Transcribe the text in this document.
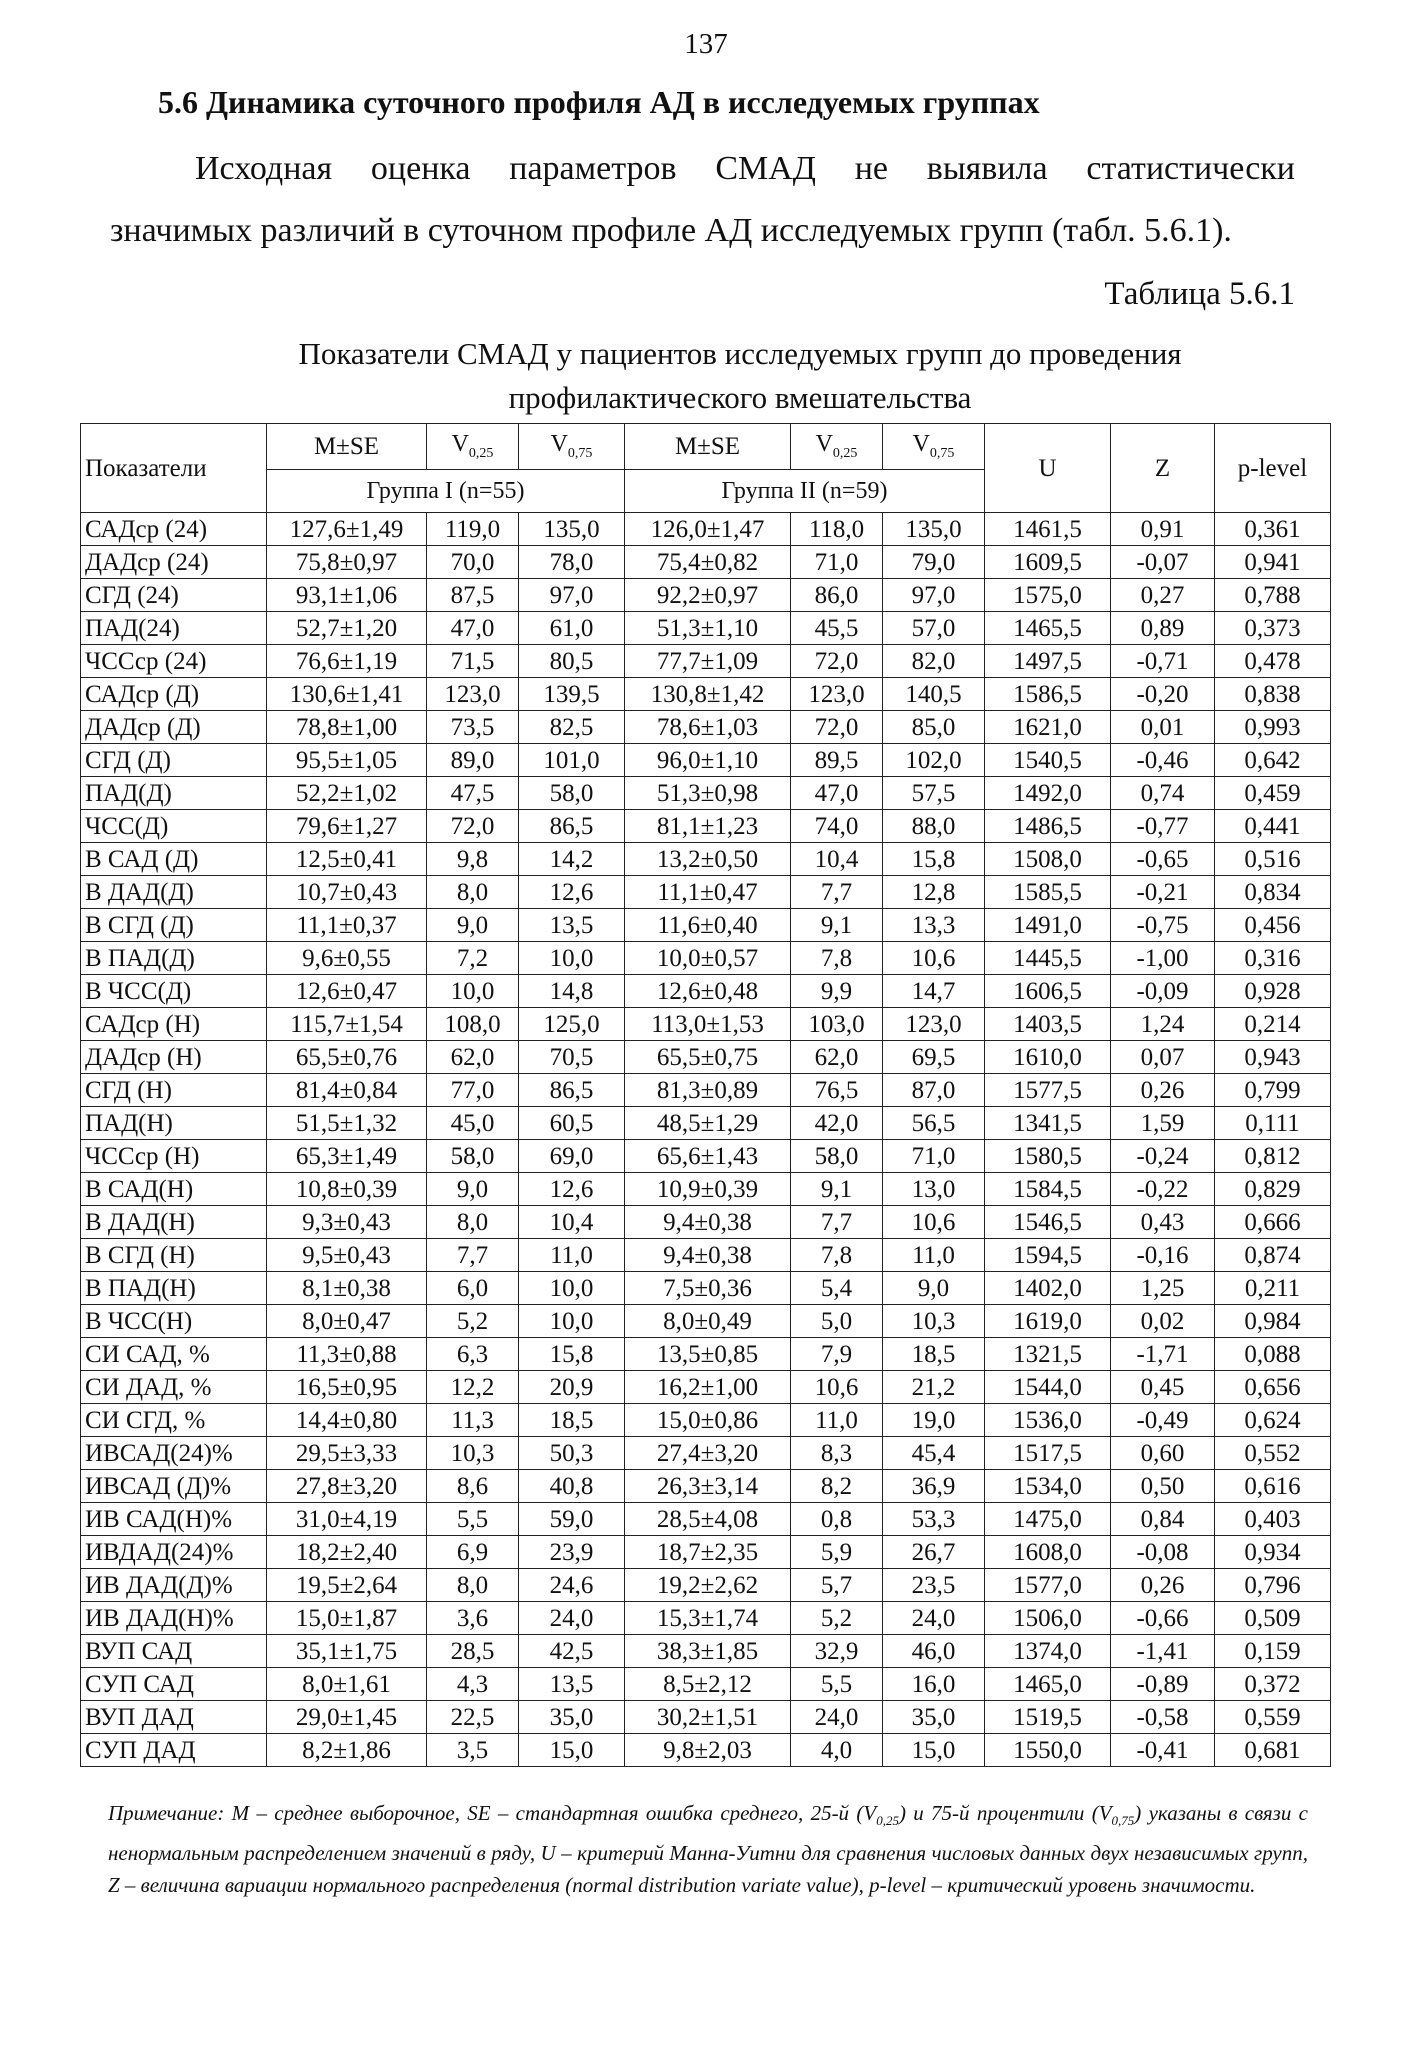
137
5.6 Динамика суточного профиля АД в исследуемых группах
Исходная оценка параметров СМАД не выявила статистически
значимых различий в суточном профиле АД исследуемых групп (табл. 5.6.1).
Таблица 5.6.1
Показатели СМАД у пациентов исследуемых групп до проведения
профилактического вмешательства
Показатели	M±SE	$V_{0,25}$	$V_{0,75}$	M±SE	$V_{0,25}$	$V_{0,75}$	U	Z	p-level
	Группа I (n=55)			Группа II (n=59)					
САДср (24)	127,6±1,49	119,0	135,0	126,0±1,47	118,0	135,0	1461,5	0,91	0,361
ДАДср (24)	75,8±0,97	70,0	78,0	75,4±0,82	71,0	79,0	1609,5	-0,07	0,941
СГД (24)	93,1±1,06	87,5	97,0	92,2±0,97	86,0	97,0	1575,0	0,27	0,788
ПАД(24)	52,7±1,20	47,0	61,0	51,3±1,10	45,5	57,0	1465,5	0,89	0,373
ЧССср (24)	76,6±1,19	71,5	80,5	77,7±1,09	72,0	82,0	1497,5	-0,71	0,478
САДср (Д)	130,6±1,41	123,0	139,5	130,8±1,42	123,0	140,5	1586,5	-0,20	0,838
ДАДср (Д)	78,8±1,00	73,5	82,5	78,6±1,03	72,0	85,0	1621,0	0,01	0,993
СГД (Д)	95,5±1,05	89,0	101,0	96,0±1,10	89,5	102,0	1540,5	-0,46	0,642
ПАД(Д)	52,2±1,02	47,5	58,0	51,3±0,98	47,0	57,5	1492,0	0,74	0,459
ЧСС(Д)	79,6±1,27	72,0	86,5	81,1±1,23	74,0	88,0	1486,5	-0,77	0,441
В САД (Д)	12,5±0,41	9,8	14,2	13,2±0,50	10,4	15,8	1508,0	-0,65	0,516
В ДАД(Д)	10,7±0,43	8,0	12,6	11,1±0,47	7,7	12,8	1585,5	-0,21	0,834
В СГД (Д)	11,1±0,37	9,0	13,5	11,6±0,40	9,1	13,3	1491,0	-0,75	0,456
В ПАД(Д)	9,6±0,55	7,2	10,0	10,0±0,57	7,8	10,6	1445,5	-1,00	0,316
В ЧСС(Д)	12,6±0,47	10,0	14,8	12,6±0,48	9,9	14,7	1606,5	-0,09	0,928
САДср (Н)	115,7±1,54	108,0	125,0	113,0±1,53	103,0	123,0	1403,5	1,24	0,214
ДАДср (Н)	65,5±0,76	62,0	70,5	65,5±0,75	62,0	69,5	1610,0	0,07	0,943
СГД (Н)	81,4±0,84	77,0	86,5	81,3±0,89	76,5	87,0	1577,5	0,26	0,799
ПАД(Н)	51,5±1,32	45,0	60,5	48,5±1,29	42,0	56,5	1341,5	1,59	0,111
ЧССср (Н)	65,3±1,49	58,0	69,0	65,6±1,43	58,0	71,0	1580,5	-0,24	0,812
В САД(Н)	10,8±0,39	9,0	12,6	10,9±0,39	9,1	13,0	1584,5	-0,22	0,829
В ДАД(Н)	9,3±0,43	8,0	10,4	9,4±0,38	7,7	10,6	1546,5	0,43	0,666
В СГД (Н)	9,5±0,43	7,7	11,0	9,4±0,38	7,8	11,0	1594,5	-0,16	0,874
В ПАД(Н)	8,1±0,38	6,0	10,0	7,5±0,36	5,4	9,0	1402,0	1,25	0,211
В ЧСС(Н)	8,0±0,47	5,2	10,0	8,0±0,49	5,0	10,3	1619,0	0,02	0,984
СИ САД, %	11,3±0,88	6,3	15,8	13,5±0,85	7,9	18,5	1321,5	-1,71	0,088
СИ ДАД, %	16,5±0,95	12,2	20,9	16,2±1,00	10,6	21,2	1544,0	0,45	0,656
СИ СГД, %	14,4±0,80	11,3	18,5	15,0±0,86	11,0	19,0	1536,0	-0,49	0,624
ИВСАД(24)%	29,5±3,33	10,3	50,3	27,4±3,20	8,3	45,4	1517,5	0,60	0,552
ИВСАД (Д)%	27,8±3,20	8,6	40,8	26,3±3,14	8,2	36,9	1534,0	0,50	0,616
ИВ САД(Н)%	31,0±4,19	5,5	59,0	28,5±4,08	0,8	53,3	1475,0	0,84	0,403
ИВДАД(24)%	18,2±2,40	6,9	23,9	18,7±2,35	5,9	26,7	1608,0	-0,08	0,934
ИВ ДАД(Д)%	19,5±2,64	8,0	24,6	19,2±2,62	5,7	23,5	1577,0	0,26	0,796
ИВ ДАД(Н)%	15,0±1,87	3,6	24,0	15,3±1,74	5,2	24,0	1506,0	-0,66	0,509
ВУП САД	35,1±1,75	28,5	42,5	38,3±1,85	32,9	46,0	1374,0	-1,41	0,159
СУП САД	8,0±1,61	4,3	13,5	8,5±2,12	5,5	16,0	1465,0	-0,89	0,372
ВУП ДАД	29,0±1,45	22,5	35,0	30,2±1,51	24,0	35,0	1519,5	-0,58	0,559
СУП ДАД	8,2±1,86	3,5	15,0	9,8±2,03	4,0	15,0	1550,0	-0,41	0,681
Примечание: М – среднее выборочное, SE – стандартная ошибка среднего, 25-й $(V_{0,25})$ и 75-й процентили $(V_{0,75})$ указаны в связи с ненормальным распределением значений в ряду, U – критерий Манна-Уитни для сравнения числовых данных двух независимых групп, Z – величина вариации нормального распределения (normal distribution variate value), p-level – критический уровень значимости.
